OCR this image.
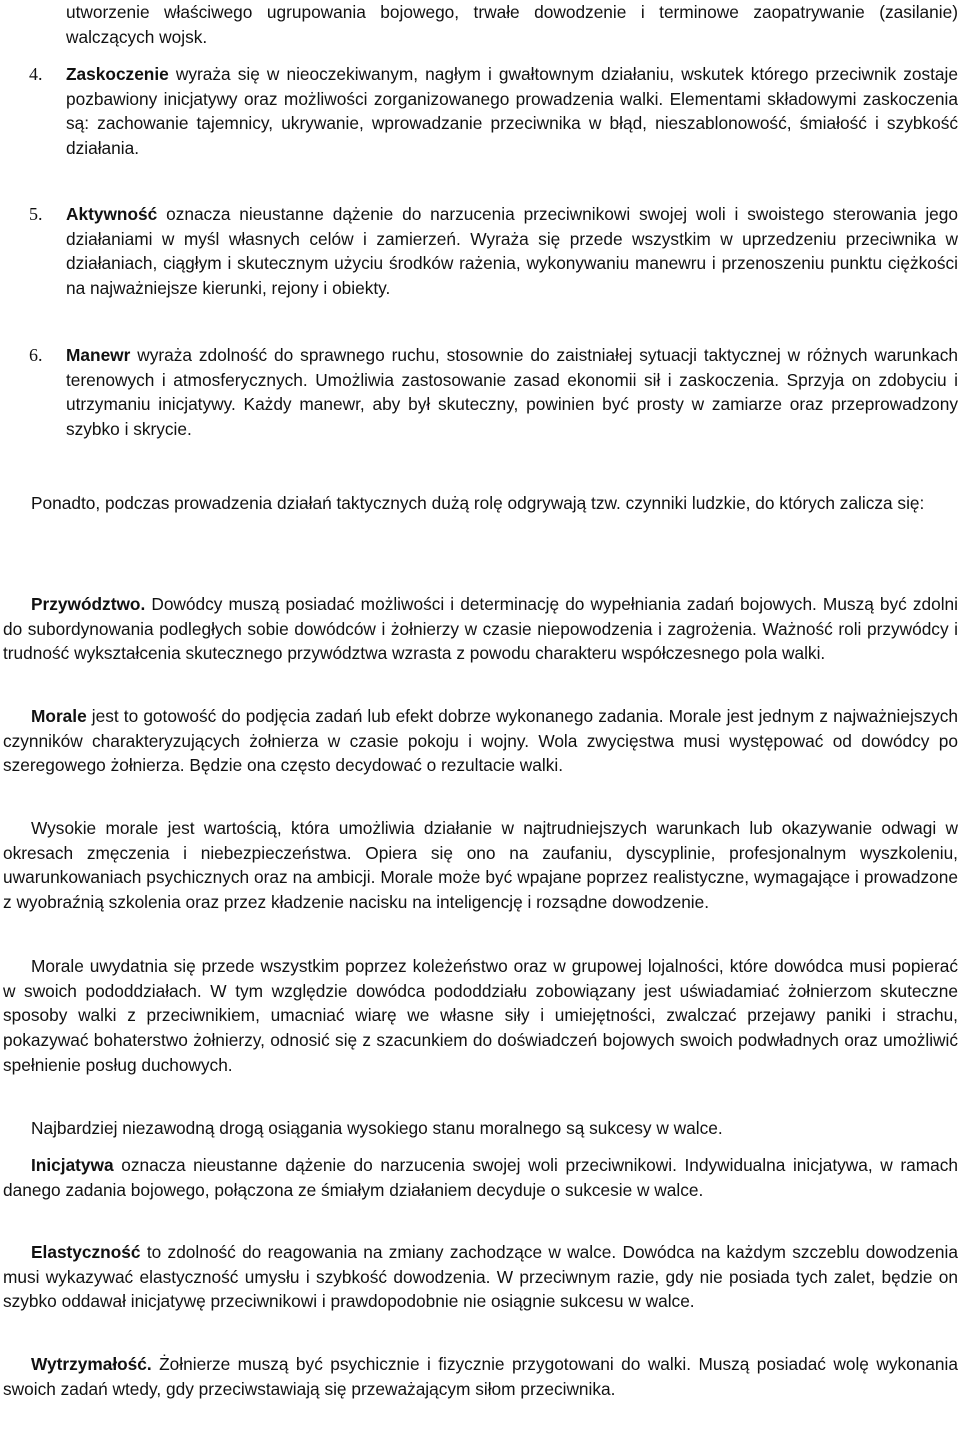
utworzenie właściwego ugrupowania bojowego, trwałe dowodzenie i terminowe zaopatrywanie (zasilanie) walczących wojsk.
4. Zaskoczenie wyraża się w nieoczekiwanym, nagłym i gwałtownym działaniu, wskutek którego przeciwnik zostaje pozbawiony inicjatywy oraz możliwości zorganizowanego prowadzenia walki. Elementami składowymi zaskoczenia są: zachowanie tajemnicy, ukrywanie, wprowadzanie przeciwnika w błąd, nieszablonowość, śmiałość i szybkość działania.
5. Aktywność oznacza nieustanne dążenie do narzucenia przeciwnikowi swojej woli i swoistego sterowania jego działaniami w myśl własnych celów i zamierzeń. Wyraża się przede wszystkim w uprzedzeniu przeciwnika w działaniach, ciągłym i skutecznym użyciu środków rażenia, wykonywaniu manewru i przenoszeniu punktu ciężkości na najważniejsze kierunki, rejony i obiekty.
6. Manewr wyraża zdolność do sprawnego ruchu, stosownie do zaistniałej sytuacji taktycznej w różnych warunkach terenowych i atmosferycznych. Umożliwia zastosowanie zasad ekonomii sił i zaskoczenia. Sprzyja on zdobyciu i utrzymaniu inicjatywy. Każdy manewr, aby był skuteczny, powinien być prosty w zamiarze oraz przeprowadzony szybko i skrycie.
Ponadto, podczas prowadzenia działań taktycznych dużą rolę odgrywają tzw. czynniki ludzkie, do których zalicza się:
Przywództwo. Dowódcy muszą posiadać możliwości i determinację do wypełniania zadań bojowych. Muszą być zdolni do subordynowania podległych sobie dowódców i żołnierzy w czasie niepowodzenia i zagrożenia. Ważność roli przywódcy i trudność wykształcenia skutecznego przywództwa wzrasta z powodu charakteru współczesnego pola walki.
Morale jest to gotowość do podjęcia zadań lub efekt dobrze wykonanego zadania. Morale jest jednym z najważniejszych czynników charakteryzujących żołnierza w czasie pokoju i wojny. Wola zwycięstwa musi występować od dowódcy po szeregowego żołnierza. Będzie ona często decydować o rezultacie walki.
Wysokie morale jest wartością, która umożliwia działanie w najtrudniejszych warunkach lub okazywanie odwagi w okresach zmęczenia i niebezpieczeństwa. Opiera się ono na zaufaniu, dyscyplinie, profesjonalnym wyszkoleniu, uwarunkowaniach psychicznych oraz na ambicji. Morale może być wpajane poprzez realistyczne, wymagające i prowadzone z wyobraźnią szkolenia oraz przez kładzenie nacisku na inteligencję i rozsądne dowodzenie.
Morale uwydatnia się przede wszystkim poprzez koleżeństwo oraz w grupowej lojalności, które dowódca musi popierać w swoich pododdziałach. W tym względzie dowódca pododdziału zobowiązany jest uświadamiać żołnierzom skuteczne sposoby walki z przeciwnikiem, umacniać wiarę we własne siły i umiejętności, zwalczać przejawy paniki i strachu, pokazywać bohaterstwo żołnierzy, odnosić się z szacunkiem do doświadczeń bojowych swoich podwładnych oraz umożliwić spełnienie posług duchowych.
Najbardziej niezawodną drogą osiągania wysokiego stanu moralnego są sukcesy w walce.
Inicjatywa oznacza nieustanne dążenie do narzucenia swojej woli przeciwnikowi. Indywidualna inicjatywa, w ramach danego zadania bojowego, połączona ze śmiałym działaniem decyduje o sukcesie w walce.
Elastyczność to zdolność do reagowania na zmiany zachodzące w walce. Dowódca na każdym szczeblu dowodzenia musi wykazywać elastyczność umysłu i szybkość dowodzenia. W przeciwnym razie, gdy nie posiada tych zalet, będzie on szybko oddawał inicjatywę przeciwnikowi i prawdopodobnie nie osiągnie sukcesu w walce.
Wytrzymałość. Żołnierze muszą być psychicznie i fizycznie przygotowani do walki. Muszą posiadać wolę wykonania swoich zadań wtedy, gdy przeciwstawiają się przeważającym siłom przeciwnika.
